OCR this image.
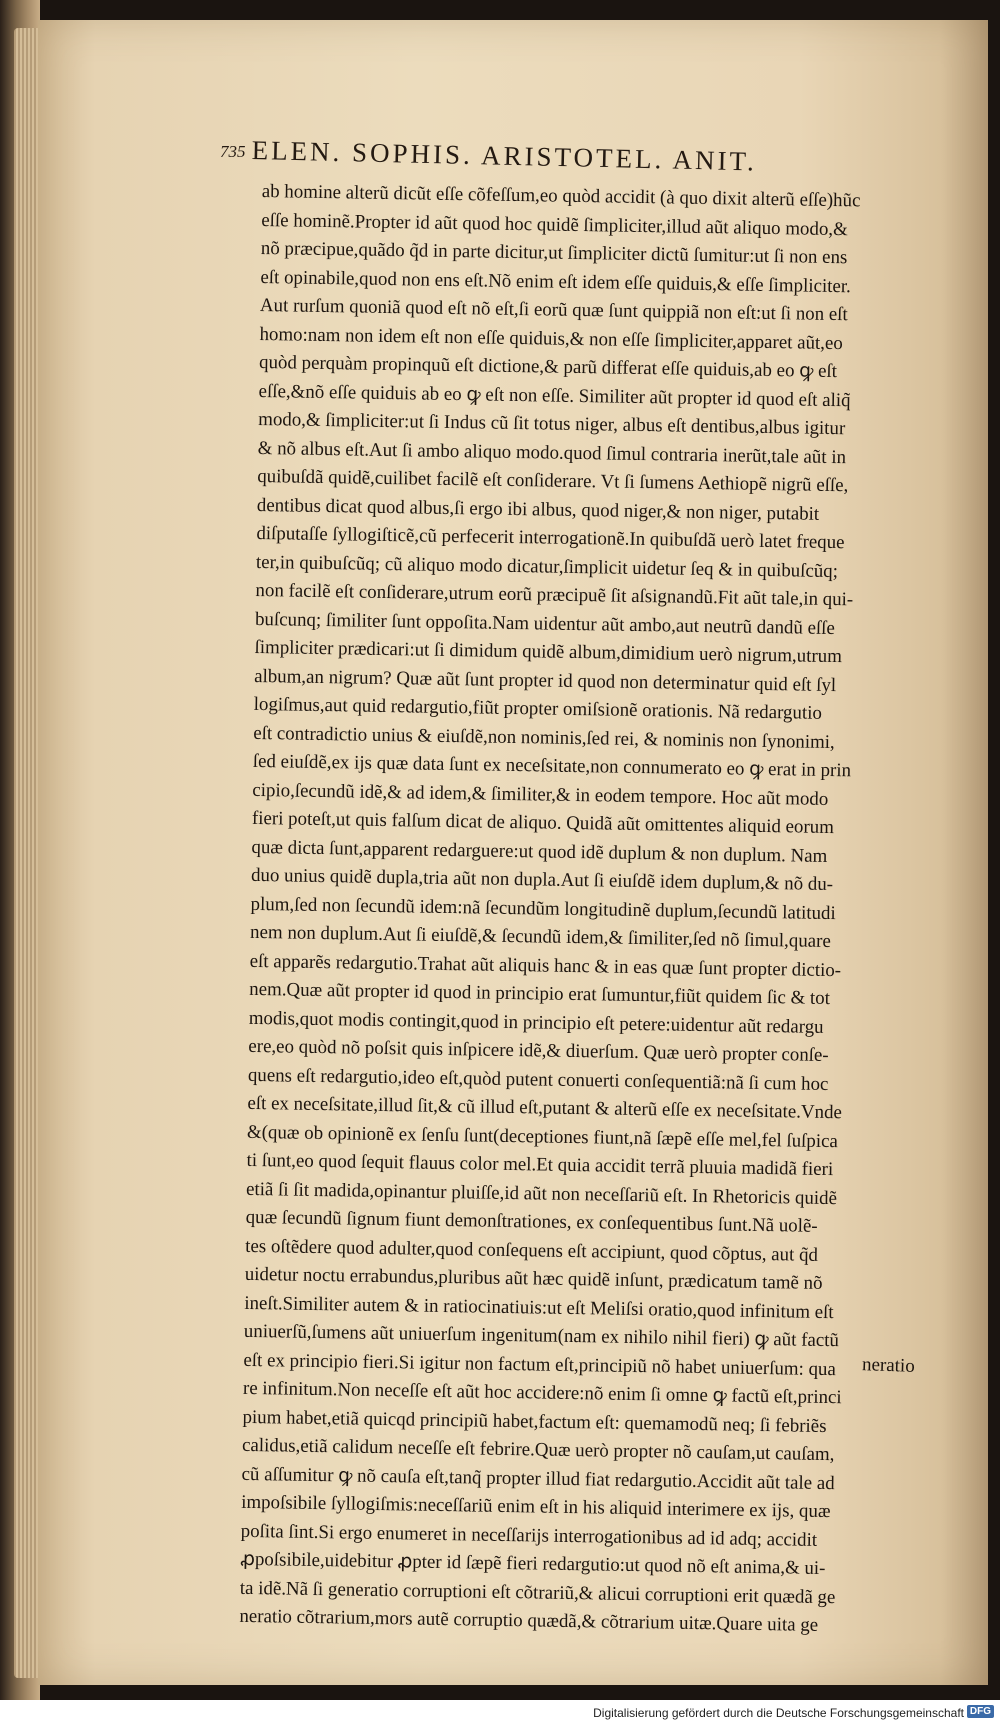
735 ELEN. SOPHIS. ARISTOTEL. ANIT.
ab homine alterũ dicũt eſſe cõfeſſum,eo quòd accidit (à quo dixit alterũ eſſe)hũc
eſſe hominẽ.Propter id aũt quod hoc quidẽ ſimpliciter,illud aũt aliquo modo,&
nõ præcipue,quãdo q̃d in parte dicitur,ut ſimpliciter dictũ ſumitur:ut ſi non ens
eſt opinabile,quod non ens eſt.Nõ enim eſt idem eſſe quiduis,& eſſe ſimpliciter.
Aut rurſum quoniã quod eſt nõ eſt,ſi eorũ quæ ſunt quippiã non eſt:ut ſi non eſt
homo:nam non idem eſt non eſſe quiduis,& non eſſe ſimpliciter,apparet aũt,eo
quòd perquàm propinquũ eſt dictione,& parũ differat eſſe quiduis,ab eo ꝙ eſt
eſſe,&nõ eſſe quiduis ab eo ꝙ eſt non eſſe. Similiter aũt propter id quod eſt aliq̃
modo,& ſimpliciter:ut ſi Indus cũ ſit totus niger, albus eſt dentibus,albus igitur
& nõ albus eſt.Aut ſi ambo aliquo modo.quod ſimul contraria inerũt,tale aũt in
quibuſdã quidẽ,cuilibet facilẽ eſt conſiderare. Vt ſi ſumens Aethiopẽ nigrũ eſſe,
dentibus dicat quod albus,ſi ergo ibi albus, quod niger,& non niger, putabit
diſputaſſe ſyllogiſticẽ,cũ perfecerit interrogationẽ.In quibuſdã uerò latet freque
ter,in quibuſcũq; cũ aliquo modo dicatur,ſimplicit uidetur ſeq & in quibuſcũq;
non facilẽ eſt conſiderare,utrum eorũ præcipuẽ ſit aſsignandũ.Fit aũt tale,in qui-
buſcunq; ſimiliter ſunt oppoſita.Nam uidentur aũt ambo,aut neutrũ dandũ eſſe
ſimpliciter prædicari:ut ſi dimidum quidẽ album,dimidium uerò nigrum,utrum
album,an nigrum? Quæ aũt ſunt propter id quod non determinatur quid eſt ſyl
logiſmus,aut quid redargutio,fiũt propter omiſsionẽ orationis. Nã redargutio
eſt contradictio unius & eiuſdẽ,non nominis,ſed rei, & nominis non ſynonimi,
ſed eiuſdẽ,ex ijs quæ data ſunt ex neceſsitate,non connumerato eo ꝙ erat in prin
cipio,ſecundũ idẽ,& ad idem,& ſimiliter,& in eodem tempore. Hoc aũt modo
fieri poteſt,ut quis falſum dicat de aliquo. Quidã aũt omittentes aliquid eorum
quæ dicta ſunt,apparent redarguere:ut quod idẽ duplum & non duplum. Nam
duo unius quidẽ dupla,tria aũt non dupla.Aut ſi eiuſdẽ idem duplum,& nõ du-
plum,ſed non ſecundũ idem:nã ſecundũm longitudinẽ duplum,ſecundũ latitudi
nem non duplum.Aut ſi eiuſdẽ,& ſecundũ idem,& ſimiliter,ſed nõ ſimul,quare
eſt apparẽs redargutio.Trahat aũt aliquis hanc & in eas quæ ſunt propter dictio-
nem.Quæ aũt propter id quod in principio erat ſumuntur,fiũt quidem ſic & tot
modis,quot modis contingit,quod in principio eſt petere:uidentur aũt redargu
ere,eo quòd nõ poſsit quis inſpicere idẽ,& diuerſum. Quæ uerò propter conſe-
quens eſt redargutio,ideo eſt,quòd putent conuerti conſequentiã:nã ſi cum hoc
eſt ex neceſsitate,illud ſit,& cũ illud eſt,putant & alterũ eſſe ex neceſsitate.Vnde
&(quæ ob opinionẽ ex ſenſu ſunt(deceptiones fiunt,nã ſæpẽ eſſe mel,fel ſuſpica
ti ſunt,eo quod ſequit flauus color mel.Et quia accidit terrã pluuia madidã fieri
etiã ſi ſit madida,opinantur pluiſſe,id aũt non neceſſariũ eſt. In Rhetoricis quidẽ
quæ ſecundũ ſignum fiunt demonſtrationes, ex conſequentibus ſunt.Nã uolẽ-
tes oſtẽdere quod adulter,quod conſequens eſt accipiunt, quod cõptus, aut q̃d
uidetur noctu errabundus,pluribus aũt hæc quidẽ inſunt, prædicatum tamẽ nõ
ineſt.Similiter autem & in ratiocinatiuis:ut eſt Meliſsi oratio,quod infinitum eſt
uniuerſũ,ſumens aũt uniuerſum ingenitum(nam ex nihilo nihil fieri) ꝙ aũt factũ
eſt ex principio fieri.Si igitur non factum eſt,principiũ nõ habet uniuerſum: qua
re infinitum.Non neceſſe eſt aũt hoc accidere:nõ enim ſi omne ꝙ factũ eſt,princi
pium habet,etiã quicqd principiũ habet,factum eſt: quemamodũ neq; ſi febriẽs
calidus,etiã calidum neceſſe eſt febrire.Quæ uerò propter nõ cauſam,ut cauſam,
cũ aſſumitur ꝙ nõ cauſa eſt,tanq̃ propter illud fiat redargutio.Accidit aũt tale ad
impoſsibile ſyllogiſmis:neceſſariũ enim eſt in his aliquid interimere ex ijs, quæ
poſita ſint.Si ergo enumeret in neceſſarijs interrogationibus ad id adq; accidit
ꝓpoſsibile,uidebitur ꝓpter id ſæpẽ fieri redargutio:ut quod nõ eſt anima,& ui-
ta idẽ.Nã ſi generatio corruptioni eſt cõtrariũ,& alicui corruptioni erit quædã ge
neratio cõtrarium,mors autẽ corruptio quædã,& cõtrarium uitæ.Quare uita ge
neratio
Digitalisierung gefördert durch die Deutsche Forschungsgemeinschaft DFG
